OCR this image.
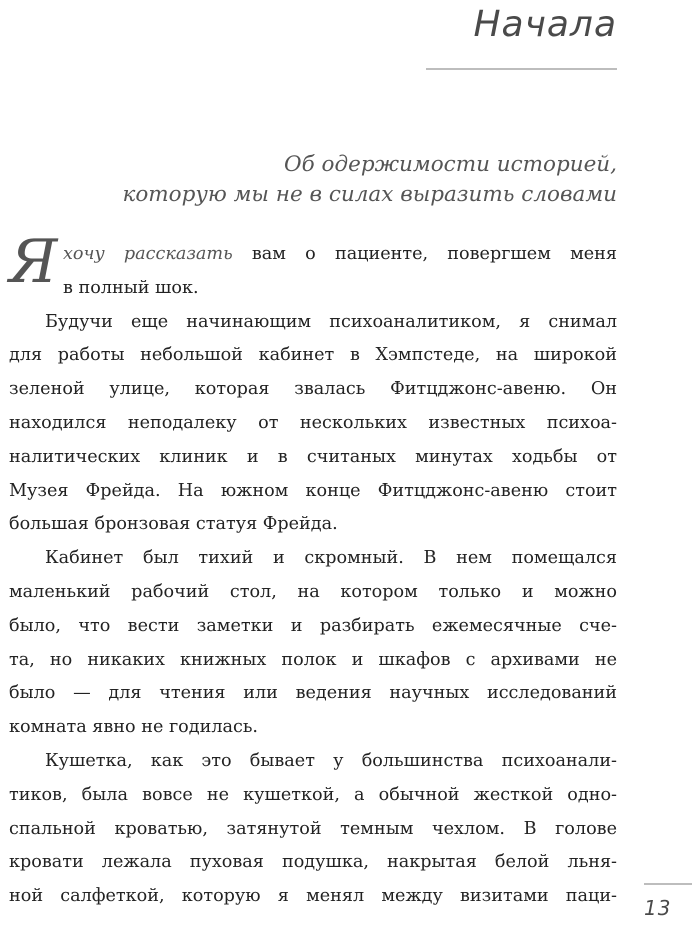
Начала
Об одержимости историей,
которую мы не в силах выразить словами
Я хочу рассказать вам о пациенте, повергшем меня
в полный шок.
Будучи еще начинающим психоаналитиком, я снимал
для работы небольшой кабинет в Хэмпстеде, на широкой
зеленой улице, которая звалась Фитцджонс-авеню. Он
находился неподалеку от нескольких известных психоа-
налитических клиник и в считаных минутах ходьбы от
Музея Фрейда. На южном конце Фитцджонс-авеню стоит
большая бронзовая статуя Фрейда.
Кабинет был тихий и скромный. В нем помещался
маленький рабочий стол, на котором только и можно
было, что вести заметки и разбирать ежемесячные сче-
та, но никаких книжных полок и шкафов с архивами не
было — для чтения или ведения научных исследований
комната явно не годилась.
Кушетка, как это бывает у большинства психоанали-
тиков, была вовсе не кушеткой, а обычной жесткой одно-
спальной кроватью, затянутой темным чехлом. В голове
кровати лежала пуховая подушка, накрытая белой льня-
ной салфеткой, которую я менял между визитами паци- 13
